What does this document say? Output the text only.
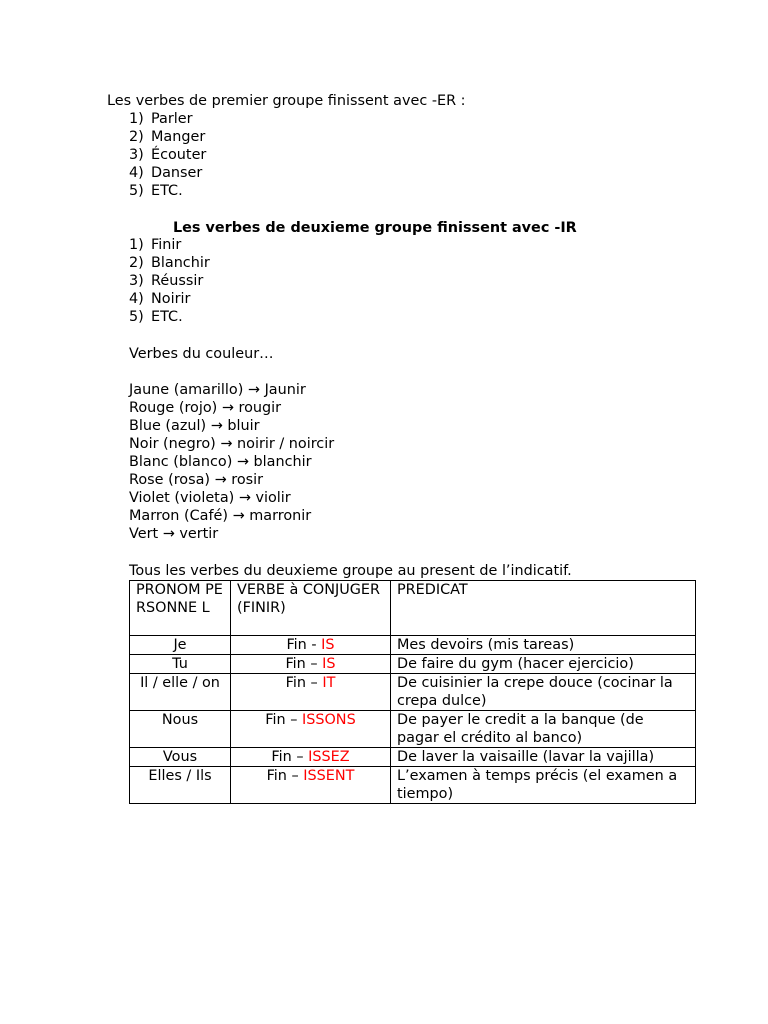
Les verbes de premier groupe finissent avec -ER :
1) Parler
2) Manger
3) Écouter
4) Danser
5) ETC.
Les verbes de deuxieme groupe finissent avec -IR
1) Finir
2) Blanchir
3) Réussir
4) Noirir
5) ETC.
Verbes du couleur…
Jaune (amarillo) → Jaunir
Rouge (rojo) → rougir
Blue (azul) → bluir
Noir (negro) → noirir / noircir
Blanc (blanco) → blanchir
Rose (rosa) → rosir
Violet (violeta) → violir
Marron (Café) → marronir
Vert → vertir
Tous les verbes du deuxieme groupe au present de l’indicatif.
PRONOM PERSONNE L	VERBE à CONJUGER (FINIR)	PREDICAT
Je	Fin - IS	Mes devoirs (mis tareas)
Tu	Fin – IS	De faire du gym (hacer ejercicio)
Il / elle / on	Fin – IT	De cuisinier la crepe douce (cocinar la crepa dulce)
Nous	Fin – ISSONS	De payer le credit a la banque (de pagar el crédito al banco)
Vous	Fin – ISSEZ	De laver la vaisaille (lavar la vajilla)
Elles / Ils	Fin – ISSENT	L’examen à temps précis (el examen a tiempo)
